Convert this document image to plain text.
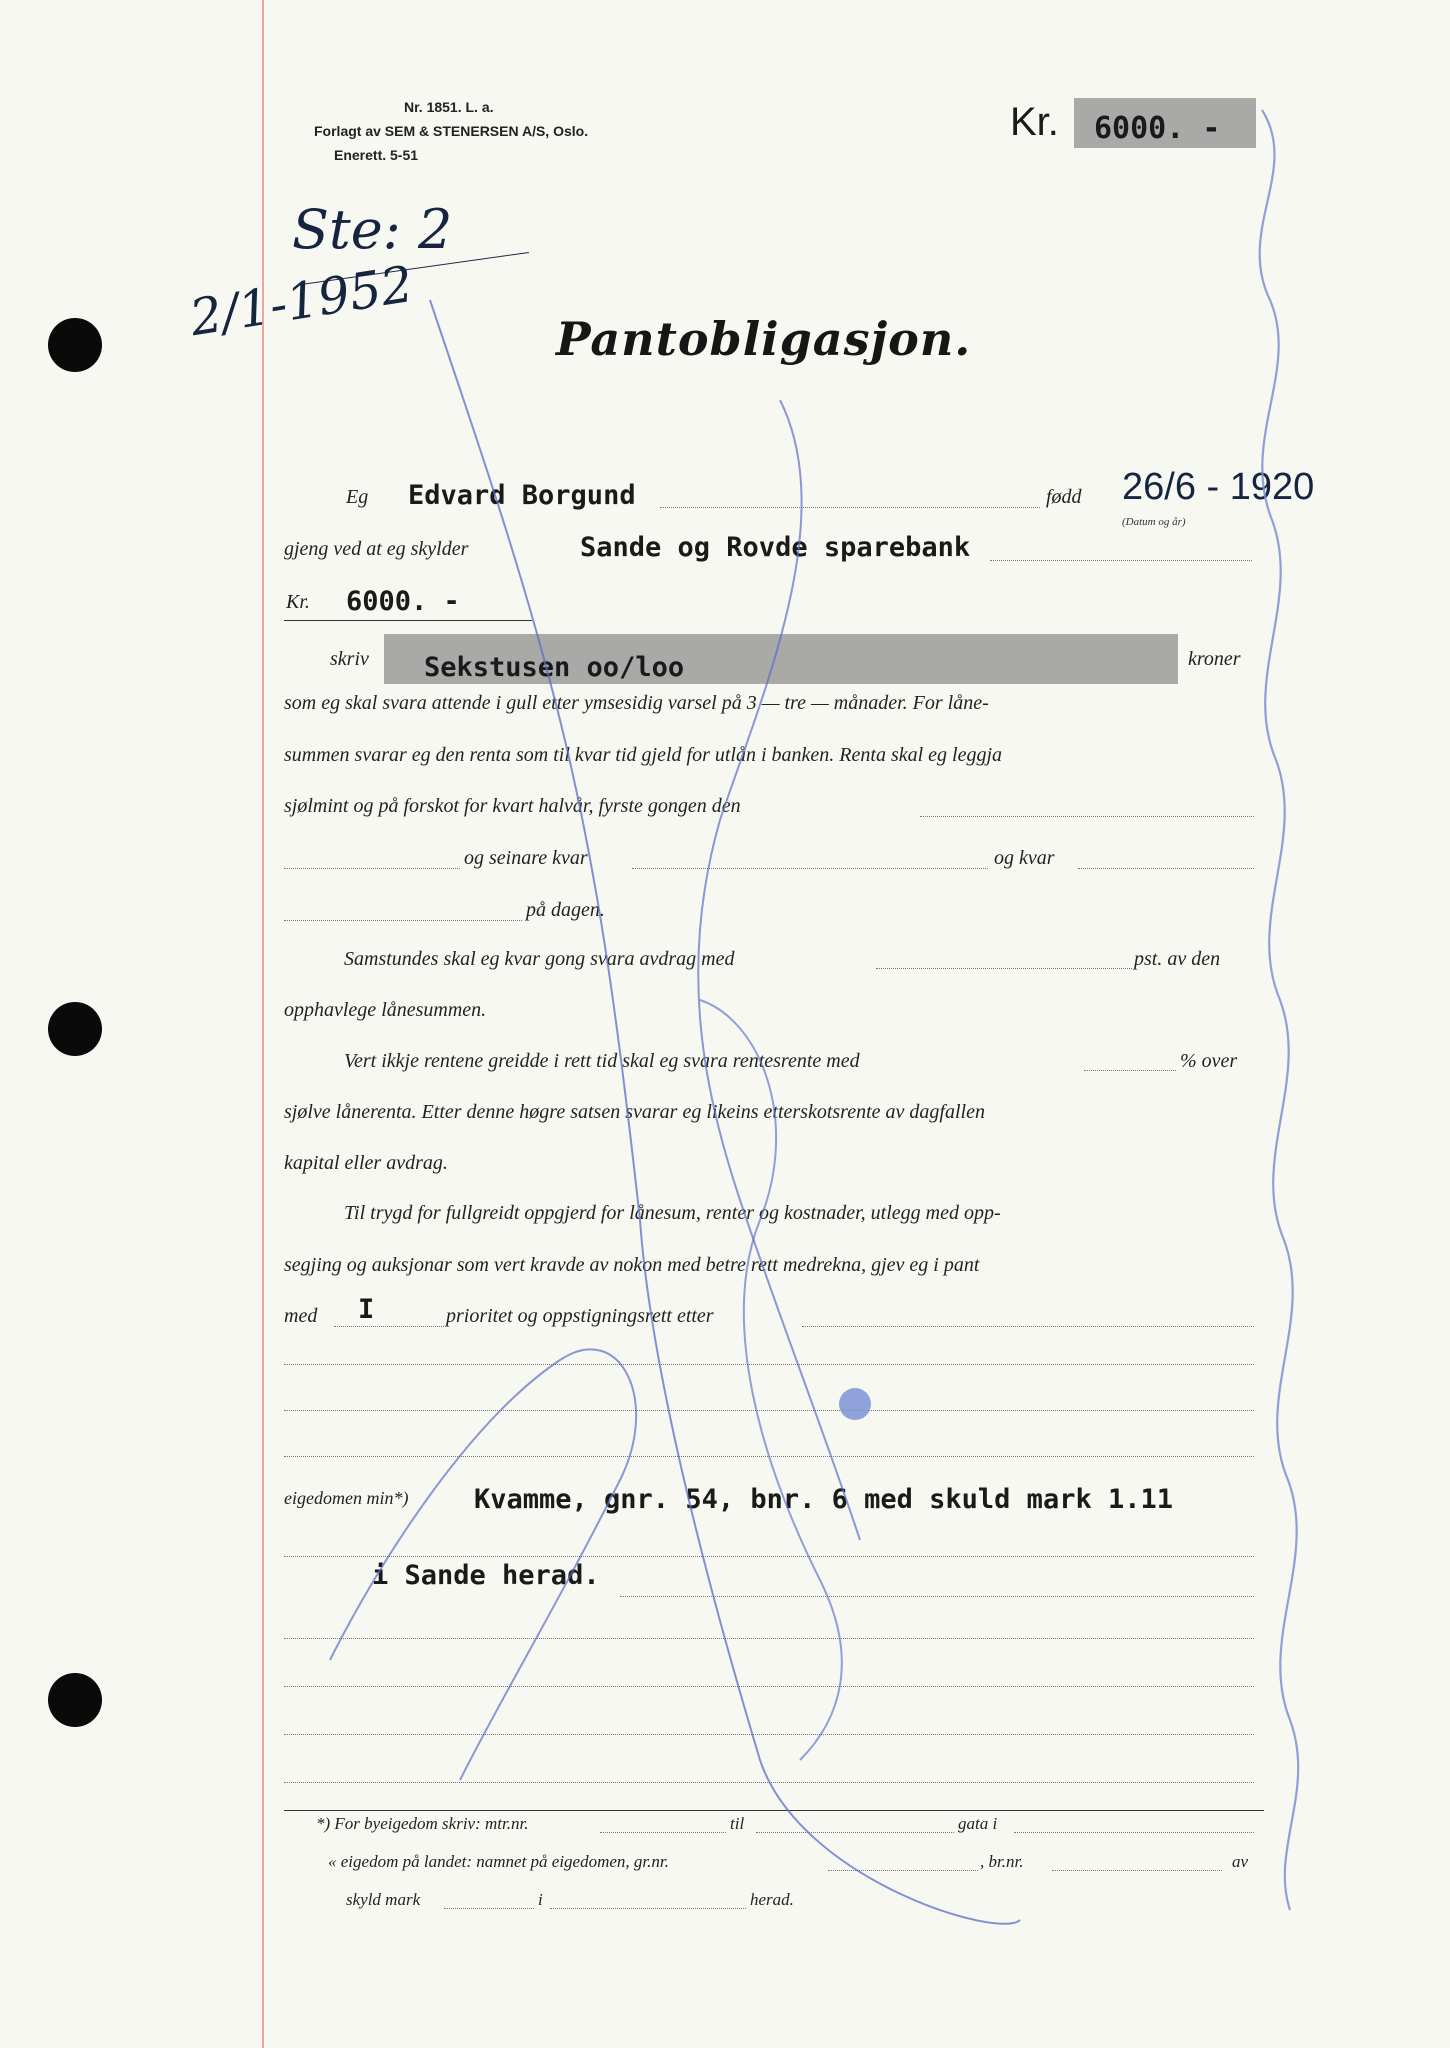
Nr. 1851. L. a.
Forlagt av SEM & STENERSEN A/S, Oslo.
Enerett. 5-51
Kr. 6000. -
Ste: 2
2/1-1952	Pantobligasjon.
Eg Edvard Borgund	fødd 26/6 - 1920
(Datum og år)
gjeng ved at eg skylder	Sande og Rovde sparebank
Kr. 6000. -
skriv Sekstusen oo/loo	kroner
som eg skal svara attende i gull etter ymsesidig varsel på 3 — tre — månader. For låne-
summen svarar eg den renta som til kvar tid gjeld for utlån i banken. Renta skal eg leggja
sjølmint og på forskot for kvart halvår, fyrste gongen den
og seinare kvar	og kvar
på dagen.
Samstundes skal eg kvar gong svara avdrag med	pst. av den
opphavlege lånesummen.
Vert ikkje rentene greidde i rett tid skal eg svara rentesrente med	% over
sjølve lånerenta. Etter denne høgre satsen svarar eg likeins etterskotsrente av dagfallen
kapital eller avdrag.
Til trygd for fullgreidt oppgjerd for lånesum, renter og kostnader, utlegg med opp-
segjing og auksjonar som vert kravde av nokon med betre rett medrekna, gjev eg i pant
med I	prioritet og oppstigningsrett etter
eigedomen min*) Kvamme, gnr. 54, bnr. 6 med skuld mark 1.11
i Sande herad.
*) For byeigedom skriv: mtr.nr.	til	gata i
« eigedom på landet: namnet på eigedomen, gr.nr.	, br.nr.	av
skyld mark	i	herad.
